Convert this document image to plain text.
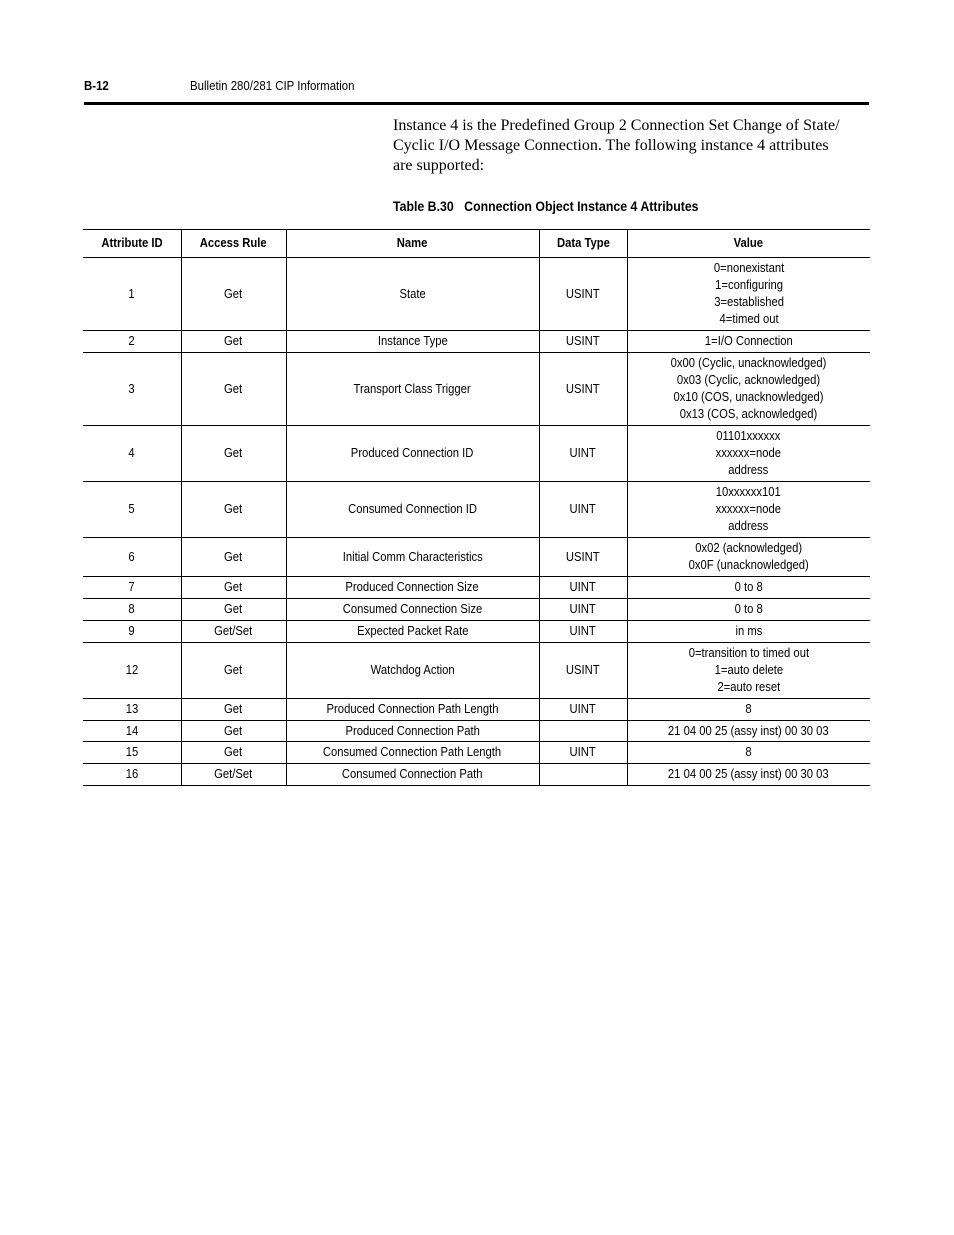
B-12	Bulletin 280/281 CIP Information

Instance 4 is the Predefined Group 2 Connection Set Change of State/

Cyclic I/O Message Connection. The following instance 4 attributes

are supported:

Table B.30 Connection Object Instance 4 Attributes
Attribute ID	Access Rule	Name	Data Type	Value
1	Get	State	USINT	0=nonexistant
1=configuring
3=established
4=timed out

2	Get	Instance Type	USINT	1=I/O Connection

3	Get	Transport Class Trigger	USINT	0x00 (Cyclic, unacknowledged)
0x03 (Cyclic, acknowledged)
0x10 (COS, unacknowledged)
0x13 (COS, acknowledged)

4	Get	Produced Connection ID	UINT	01101xxxxxx
xxxxxx=node
address

5	Get	Consumed Connection ID	UINT	10xxxxxx101
xxxxxx=node
address

6	Get	Initial Comm Characteristics	USINT	0x02 (acknowledged)
0x0F (unacknowledged)

7	Get	Produced Connection Size	UINT	0 to 8

8	Get	Consumed Connection Size	UINT	0 to 8

9	Get/Set	Expected Packet Rate	UINT	in ms

12	Get	Watchdog Action	USINT	0=transition to timed out
1=auto delete
2=auto reset

13	Get	Produced Connection Path Length	UINT	8

14	Get	Produced Connection Path		21 04 00 25 (assy inst) 00 30 03

15	Get	Consumed Connection Path Length	UINT	8

16	Get/Set	Consumed Connection Path		21 04 00 25 (assy inst) 00 30 03
